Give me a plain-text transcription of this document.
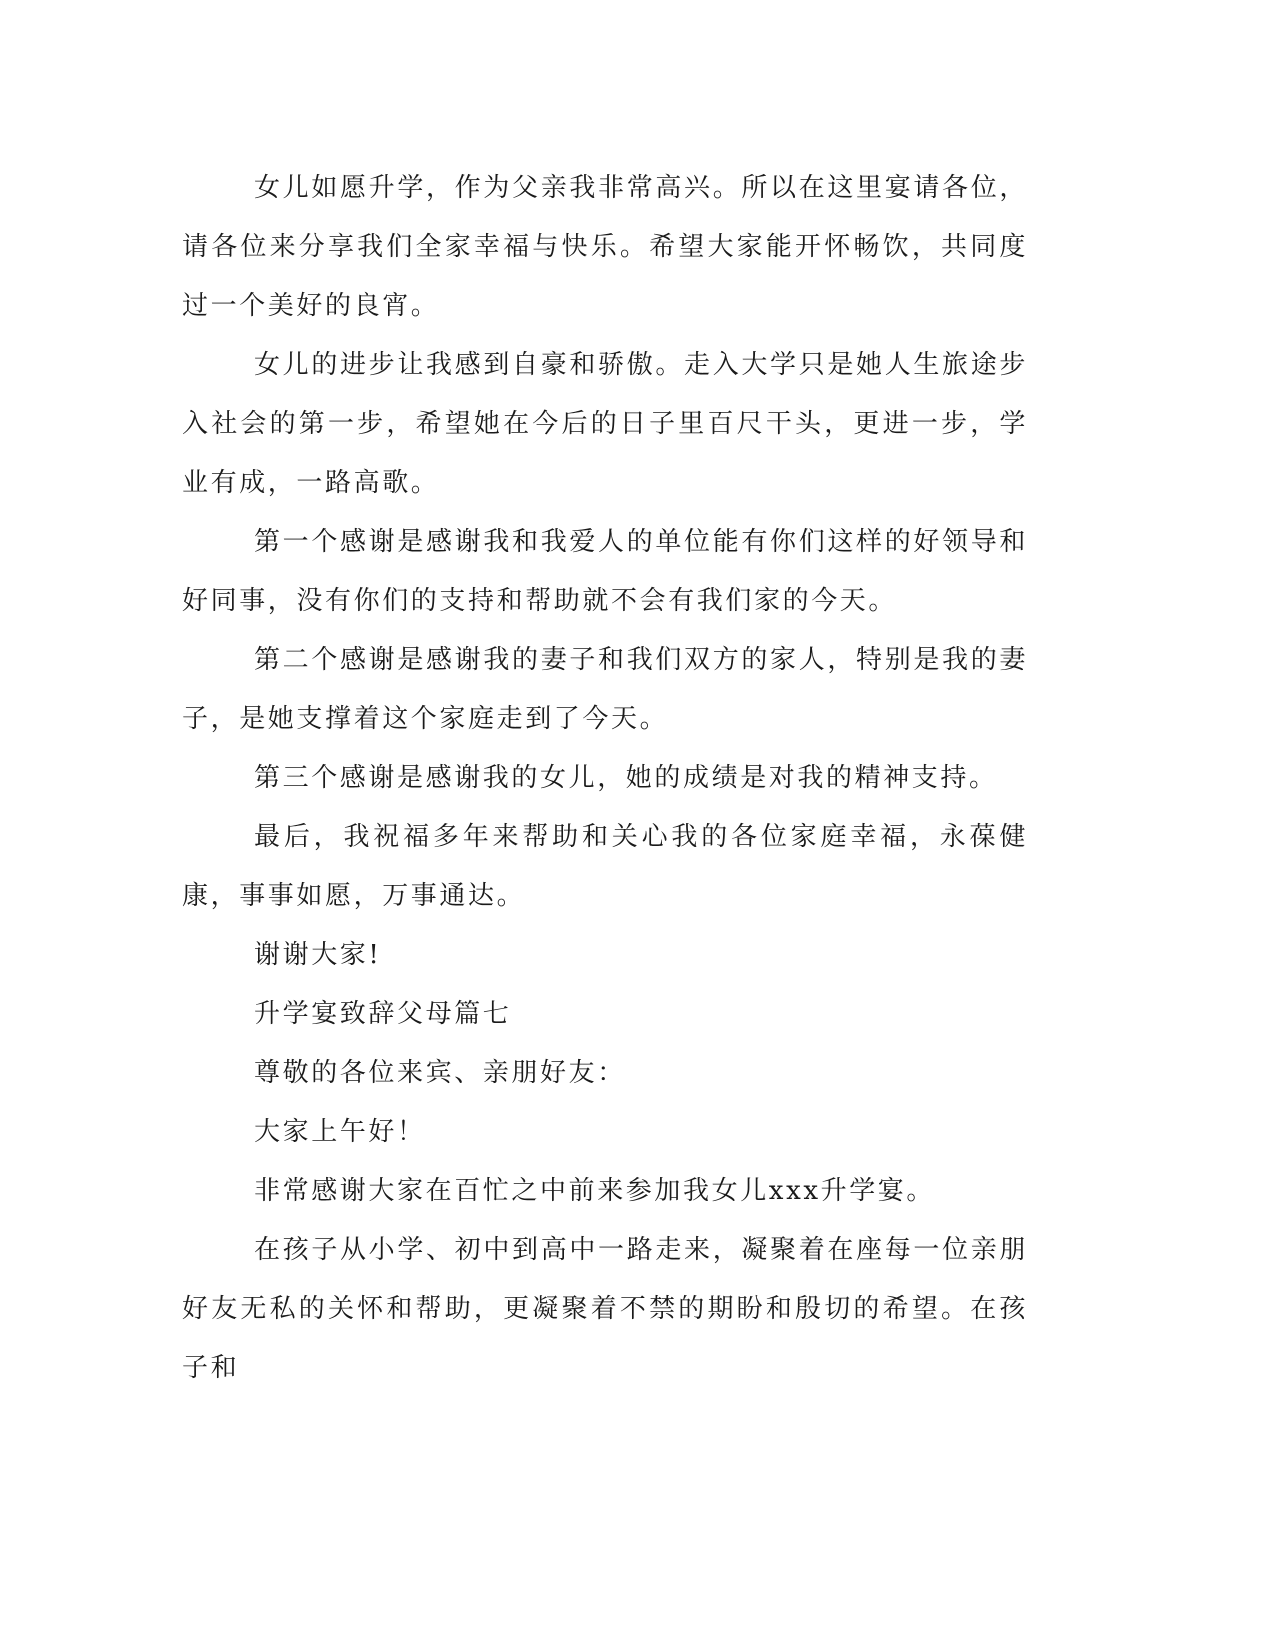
女儿如愿升学，作为父亲我非常高兴。所以在这里宴请各位，请各位来分享我们全家幸福与快乐。希望大家能开怀畅饮，共同度过一个美好的良宵。

女儿的进步让我感到自豪和骄傲。走入大学只是她人生旅途步入社会的第一步，希望她在今后的日子里百尺干头，更进一步，学业有成，一路高歌。

第一个感谢是感谢我和我爱人的单位能有你们这样的好领导和好同事，没有你们的支持和帮助就不会有我们家的今天。

第二个感谢是感谢我的妻子和我们双方的家人，特别是我的妻子，是她支撑着这个家庭走到了今天。

第三个感谢是感谢我的女儿，她的成绩是对我的精神支持。

最后，我祝福多年来帮助和关心我的各位家庭幸福，永葆健康，事事如愿，万事通达。

谢谢大家!

升学宴致辞父母篇七

尊敬的各位来宾、亲朋好友：

大家上午好！

非常感谢大家在百忙之中前来参加我女儿xxx升学宴。

在孩子从小学、初中到高中一路走来，凝聚着在座每一位亲朋好友无私的关怀和帮助，更凝聚着不禁的期盼和殷切的希望。在孩子和
